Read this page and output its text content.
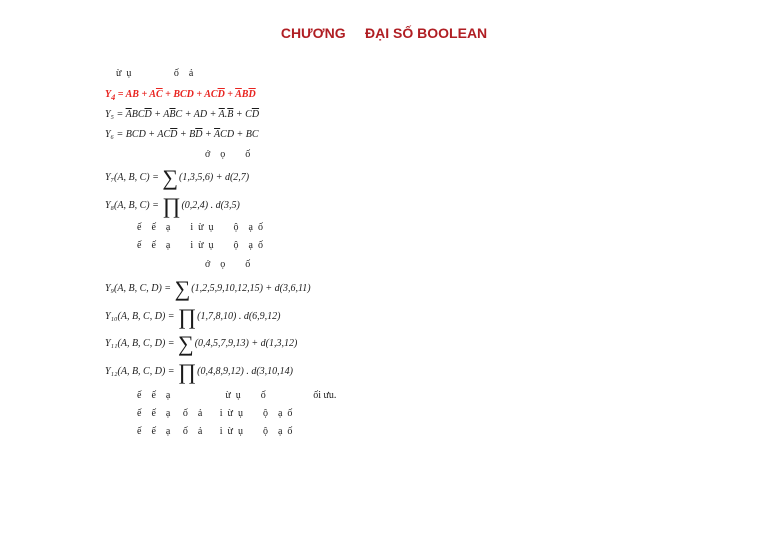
CHƯƠNG     ĐẠI SỐ BOOLEAN
ừ  ụ                 ố    ả
$Y_4$ = AB + $A\overline{C}$ + BCD + $AC\overline{D} + \overline{A}B\overline{D}$
$Y_5 = \overline{A}BC\overline{D} + A\overline{B}C$ + AD + $\overline{A}.\overline{B} + C\overline{D}$
Y₆ = BCD + $AC\overline{D} + B\overline{D} + \overline{A}CD$ + BC
ớ    ọ        ố
Y₇(A, B, C) = ∑(1,3,5,6) + d(2,7)
Y₈(A, B, C) = ∏(0,2,4) . d(3,5)
ế    ế    ạ        i  ừ  ụ        ộ    ạ  ố
ế    ế    ạ        i  ừ  ụ        ộ    ạ  ố
ớ    ọ        ố
Y₉(A, B, C, D) = ∑(1,2,5,9,10,12,15) + d(3,6,11)
Y₁₀(A, B, C, D) = ∏(1,7,8,10) . d(6,9,12)
Y₁₁(A, B, C, D) = ∑(0,4,5,7,9,13) + d(1,3,12)
Y₁₂(A, B, C, D) = ∏(0,4,8,9,12) . d(3,10,14)
ế    ế    ạ                      ừ  ụ        ố                   ối ưu.
ế    ế    ạ     ố    ả       i  ừ  ụ        ộ    ạ  ố
ế    ế    ạ     ố    ả       i  ừ  ụ        ộ    ạ  ố
